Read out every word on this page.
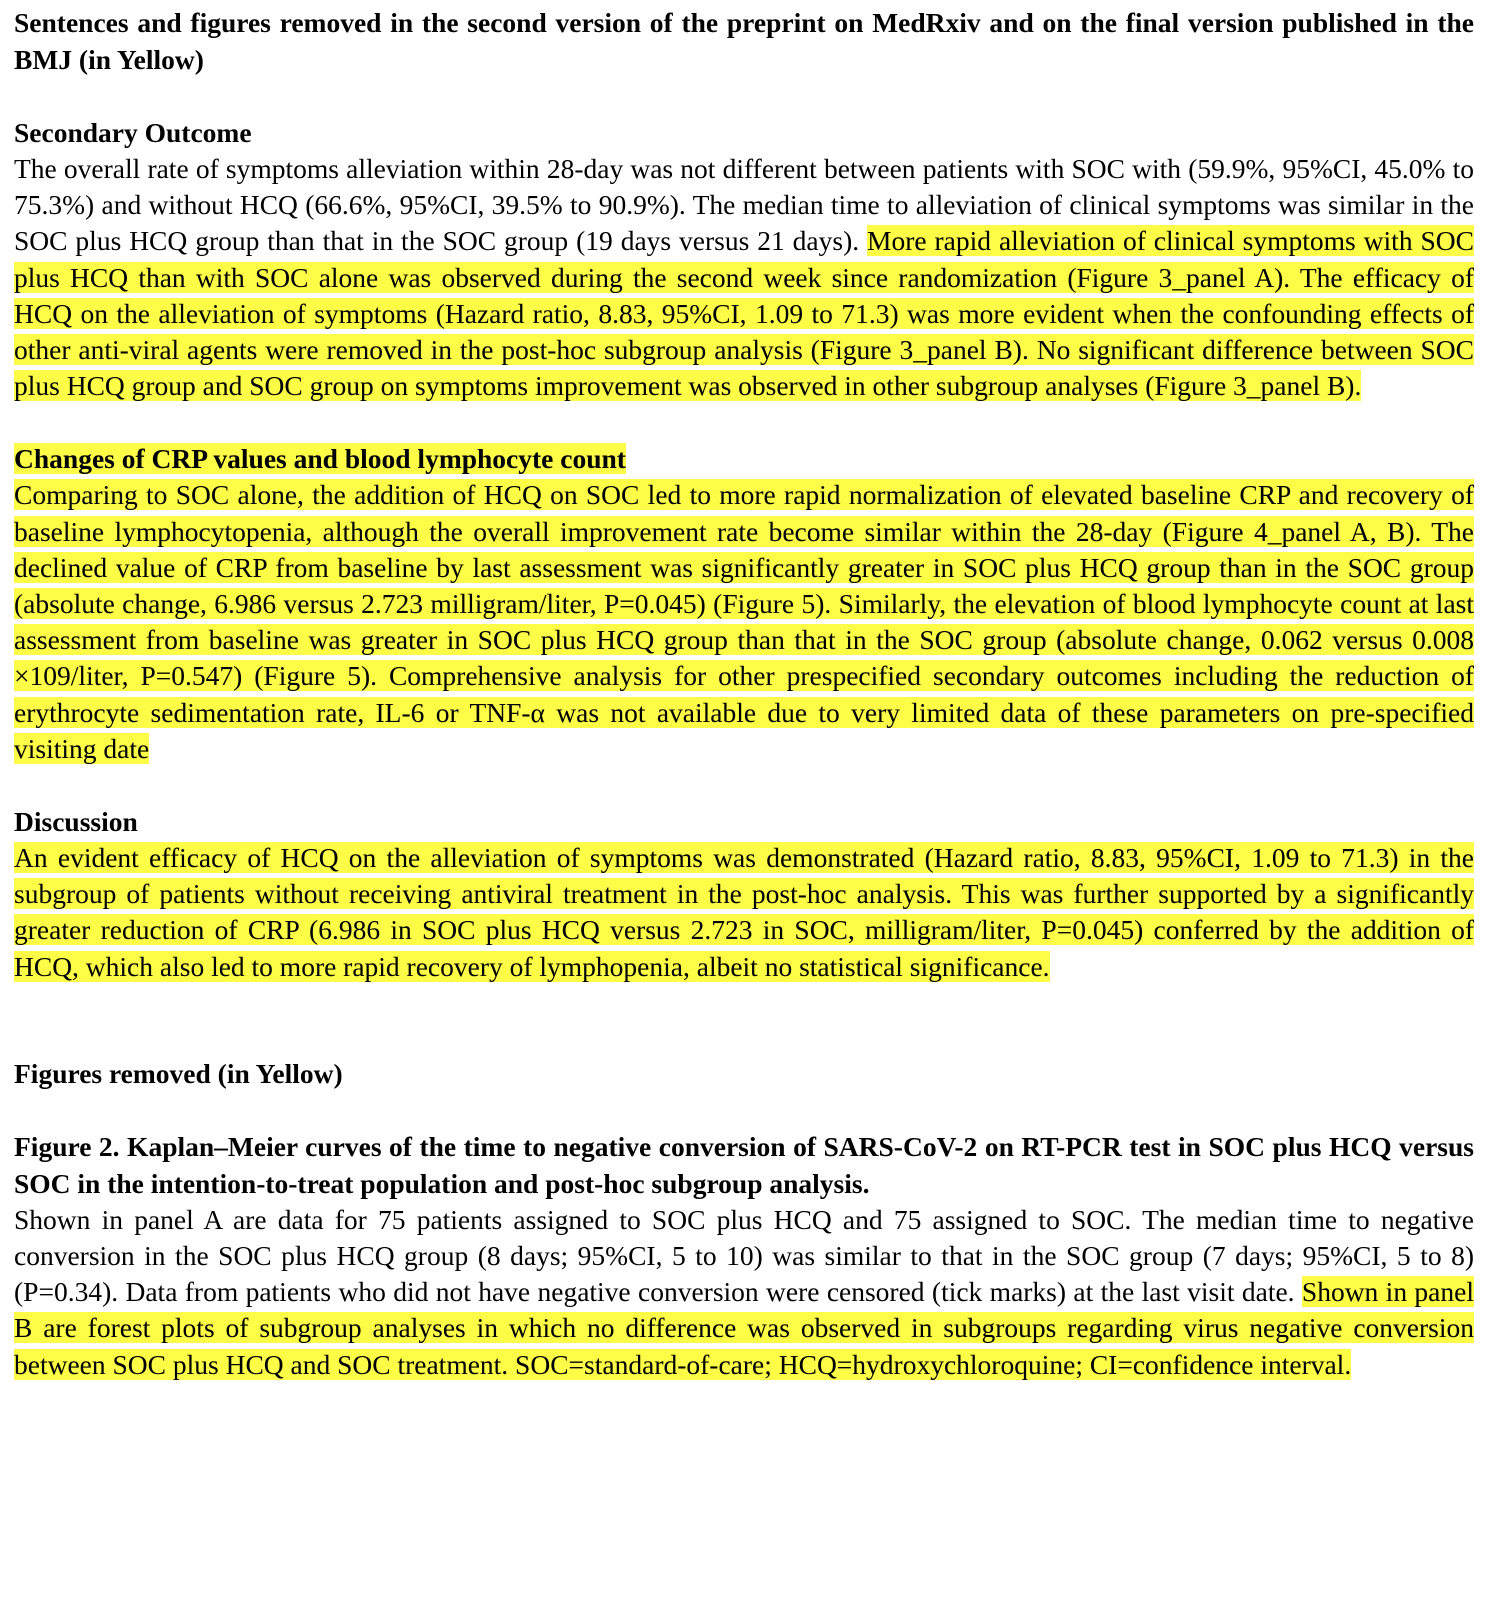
Sentences and figures removed in the second version of the preprint on MedRxiv and on the final version published in the BMJ (in Yellow)

Secondary Outcome

The overall rate of symptoms alleviation within 28-day was not different between patients with SOC with (59.9%, 95%CI, 45.0% to 75.3%) and without HCQ (66.6%, 95%CI, 39.5% to 90.9%). The median time to alleviation of clinical symptoms was similar in the SOC plus HCQ group than that in the SOC group (19 days versus 21 days). More rapid alleviation of clinical symptoms with SOC plus HCQ than with SOC alone was observed during the second week since randomization (Figure 3_panel A). The efficacy of HCQ on the alleviation of symptoms (Hazard ratio, 8.83, 95%CI, 1.09 to 71.3) was more evident when the confounding effects of other anti-viral agents were removed in the post-hoc subgroup analysis (Figure 3_panel B). No significant difference between SOC plus HCQ group and SOC group on symptoms improvement was observed in other subgroup analyses (Figure 3_panel B).

Changes of CRP values and blood lymphocyte count

Comparing to SOC alone, the addition of HCQ on SOC led to more rapid normalization of elevated baseline CRP and recovery of baseline lymphocytopenia, although the overall improvement rate become similar within the 28-day (Figure 4_panel A, B). The declined value of CRP from baseline by last assessment was significantly greater in SOC plus HCQ group than in the SOC group (absolute change, 6.986 versus 2.723 milligram/liter, P=0.045) (Figure 5). Similarly, the elevation of blood lymphocyte count at last assessment from baseline was greater in SOC plus HCQ group than that in the SOC group (absolute change, 0.062 versus 0.008 ×109/liter, P=0.547) (Figure 5). Comprehensive analysis for other prespecified secondary outcomes including the reduction of erythrocyte sedimentation rate, IL-6 or TNF-α was not available due to very limited data of these parameters on pre-specified visiting date

Discussion

An evident efficacy of HCQ on the alleviation of symptoms was demonstrated (Hazard ratio, 8.83, 95%CI, 1.09 to 71.3) in the subgroup of patients without receiving antiviral treatment in the post-hoc analysis. This was further supported by a significantly greater reduction of CRP (6.986 in SOC plus HCQ versus 2.723 in SOC, milligram/liter, P=0.045) conferred by the addition of HCQ, which also led to more rapid recovery of lymphopenia, albeit no statistical significance.

Figures removed (in Yellow)

Figure 2. Kaplan–Meier curves of the time to negative conversion of SARS-CoV-2 on RT-PCR test in SOC plus HCQ versus SOC in the intention-to-treat population and post-hoc subgroup analysis.

Shown in panel A are data for 75 patients assigned to SOC plus HCQ and 75 assigned to SOC. The median time to negative conversion in the SOC plus HCQ group (8 days; 95%CI, 5 to 10) was similar to that in the SOC group (7 days; 95%CI, 5 to 8) (P=0.34). Data from patients who did not have negative conversion were censored (tick marks) at the last visit date. Shown in panel B are forest plots of subgroup analyses in which no difference was observed in subgroups regarding virus negative conversion between SOC plus HCQ and SOC treatment. SOC=standard-of-care; HCQ=hydroxychloroquine; CI=confidence interval.
